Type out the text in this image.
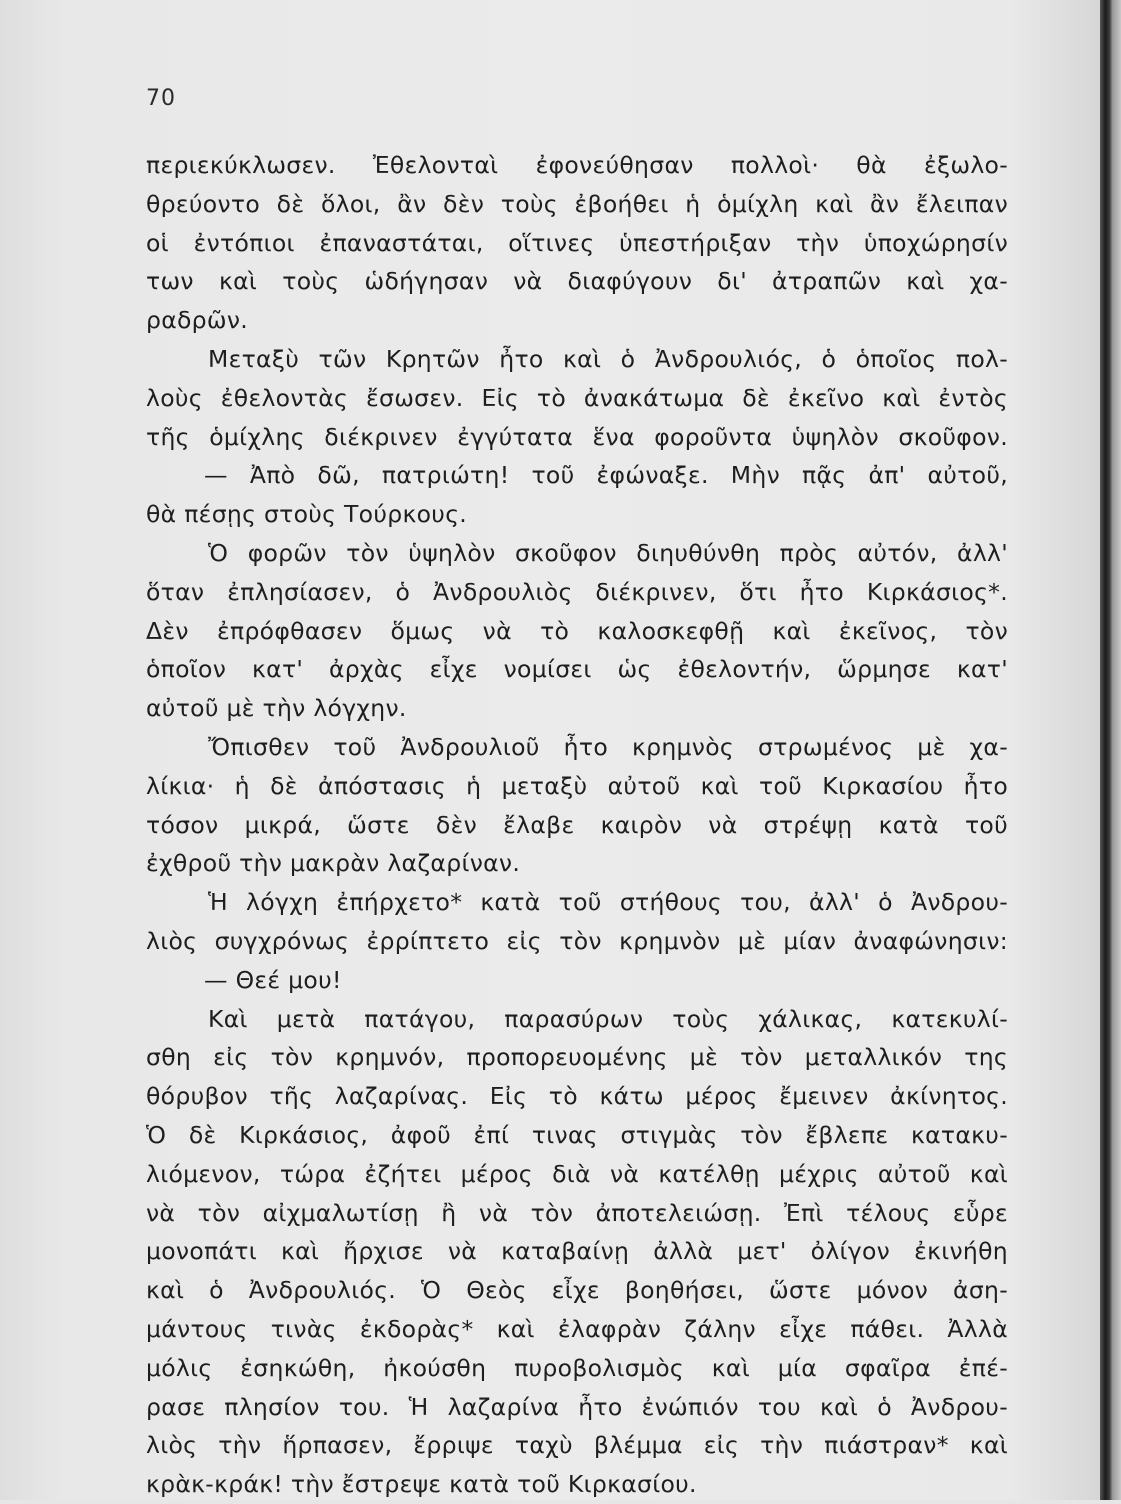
70
περιεκύκλωσεν. Ἐθελονταὶ ἐφονεύθησαν πολλοὶ· θὰ ἐξωλο-
θρεύοντο δὲ ὅλοι, ἂν δὲν τοὺς ἐβοήθει ἡ ὁμίχλη καὶ ἂν ἔλειπαν
οἱ ἐντόπιοι ἐπαναστάται, οἵτινες ὑπεστήριξαν τὴν ὑποχώρησίν
των καὶ τοὺς ὡδήγησαν νὰ διαφύγουν δι' ἀτραπῶν καὶ χα-
ραδρῶν.
Μεταξὺ τῶν Κρητῶν ἦτο καὶ ὁ Ἀνδρουλιός, ὁ ὁποῖος πολ-
λοὺς ἐθελοντὰς ἔσωσεν. Εἰς τὸ ἀνακάτωμα δὲ ἐκεῖνο καὶ ἐντὸς
τῆς ὁμίχλης διέκρινεν ἐγγύτατα ἕνα φοροῦντα ὑψηλὸν σκοῦφον.
— Ἀπὸ δῶ, πατριώτη! τοῦ ἐφώναξε. Μὴν πᾷς ἀπ' αὐτοῦ,
θὰ πέσῃς στοὺς Τούρκους.
Ὁ φορῶν τὸν ὑψηλὸν σκοῦφον διηυθύνθη πρὸς αὐτόν, ἀλλ'
ὅταν ἐπλησίασεν, ὁ Ἀνδρουλιὸς διέκρινεν, ὅτι ἦτο Κιρκάσιος*.
Δὲν ἐπρόφθασεν ὅμως νὰ τὸ καλοσκεφθῇ καὶ ἐκεῖνος, τὸν
ὁποῖον κατ' ἀρχὰς εἶχε νομίσει ὡς ἐθελοντήν, ὥρμησε κατ'
αὐτοῦ μὲ τὴν λόγχην.
Ὄπισθεν τοῦ Ἀνδρουλιοῦ ἦτο κρημνὸς στρωμένος μὲ χα-
λίκια· ἡ δὲ ἀπόστασις ἡ μεταξὺ αὐτοῦ καὶ τοῦ Κιρκασίου ἦτο
τόσον μικρά, ὥστε δὲν ἔλαβε καιρὸν νὰ στρέψῃ κατὰ τοῦ
ἐχθροῦ τὴν μακρὰν λαζαρίναν.
Ἡ λόγχη ἐπήρχετο* κατὰ τοῦ στήθους του, ἀλλ' ὁ Ἀνδρου-
λιὸς συγχρόνως ἐρρίπτετο εἰς τὸν κρημνὸν μὲ μίαν ἀναφώνησιν:
— Θεέ μου!
Καὶ μετὰ πατάγου, παρασύρων τοὺς χάλικας, κατεκυλί-
σθη εἰς τὸν κρημνόν, προπορευομένης μὲ τὸν μεταλλικόν της
θόρυβον τῆς λαζαρίνας. Εἰς τὸ κάτω μέρος ἔμεινεν ἀκίνητος.
Ὁ δὲ Κιρκάσιος, ἀφοῦ ἐπί τινας στιγμὰς τὸν ἔβλεπε κατακυ-
λιόμενον, τώρα ἐζήτει μέρος διὰ νὰ κατέλθῃ μέχρις αὐτοῦ καὶ
νὰ τὸν αἰχμαλωτίσῃ ἢ νὰ τὸν ἀποτελειώσῃ. Ἐπὶ τέλους εὗρε
μονοπάτι καὶ ἤρχισε νὰ καταβαίνῃ ἀλλὰ μετ' ὀλίγον ἐκινήθη
καὶ ὁ Ἀνδρουλιός. Ὁ Θεὸς εἶχε βοηθήσει, ὥστε μόνον ἀση-
μάντους τινὰς ἐκδορὰς* καὶ ἐλαφρὰν ζάλην εἶχε πάθει. Ἀλλὰ
μόλις ἐσηκώθη, ἠκούσθη πυροβολισμὸς καὶ μία σφαῖρα ἐπέ-
ρασε πλησίον του. Ἡ λαζαρίνα ἦτο ἐνώπιόν του καὶ ὁ Ἀνδρου-
λιὸς τὴν ἥρπασεν, ἔρριψε ταχὺ βλέμμα εἰς τὴν πιάστραν* καὶ
κρὰκ-κράκ! τὴν ἔστρεψε κατὰ τοῦ Κιρκασίου.
